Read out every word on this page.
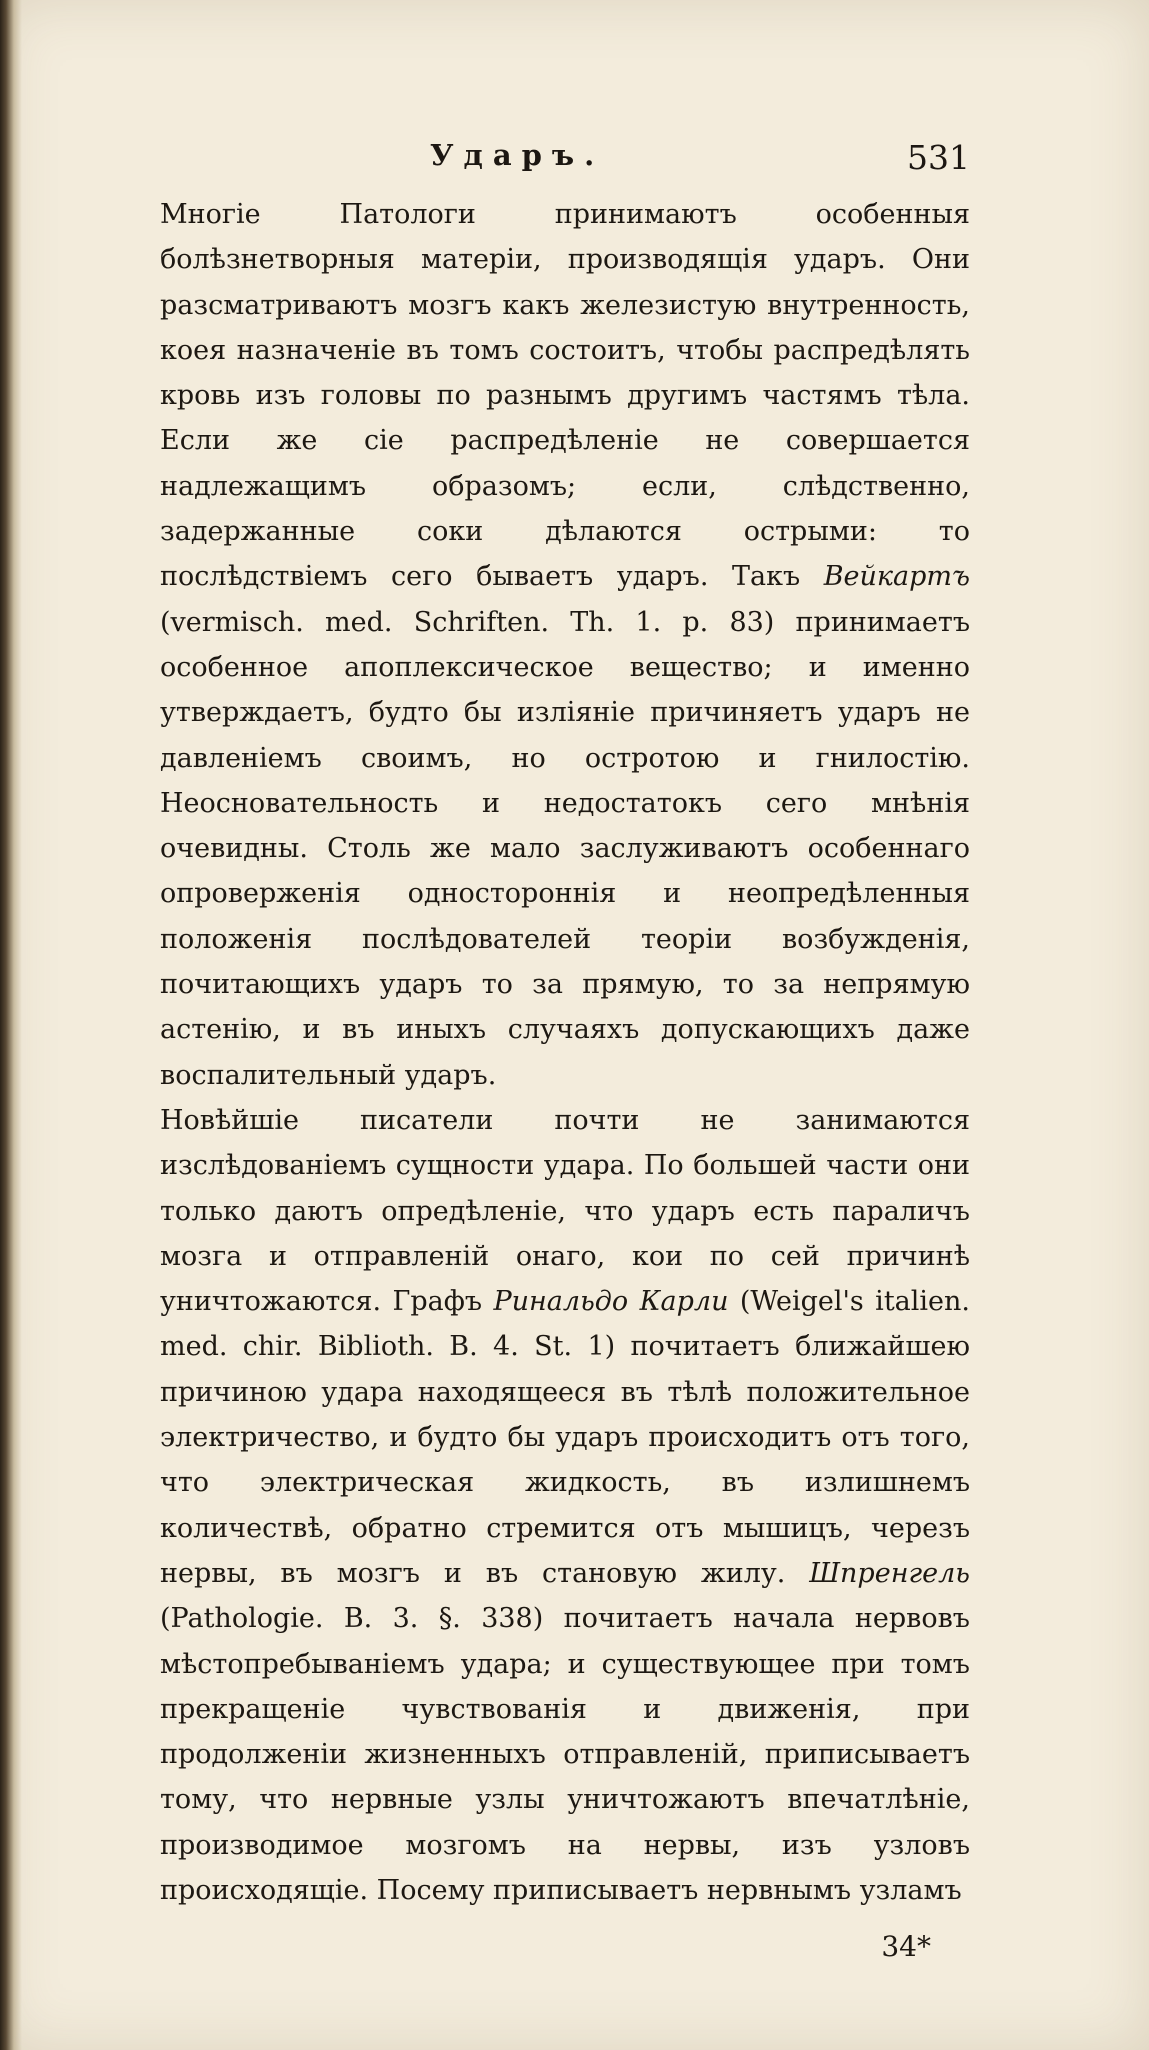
Ударъ.	531

Многіе Патологи принимаютъ особенныя болѣзнетворныя матеріи, производящія ударъ. Они разсматриваютъ мозгъ какъ железистую внутренность, коея назначеніе въ томъ состоитъ, чтобы распредѣлять кровь изъ головы по разнымъ другимъ частямъ тѣла. Если же сіе распредѣленіе не совершается надлежащимъ образомъ; если, слѣдственно, задержанные соки дѣлаются острыми: то послѣдствіемъ сего бываетъ ударъ. Такъ Вейкартъ (vermisch. med. Schriften. Th. 1. p. 83) принимаетъ особенное апоплексическое вещество; и именно утверждаетъ, будто бы изліяніе причиняетъ ударъ не давленіемъ своимъ, но остротою и гнилостію. Неосновательность и недостатокъ сего мнѣнія очевидны. Столь же мало заслуживаютъ особеннаго опроверженія одностороннія и неопредѣленныя положенія послѣдователей теоріи возбужденія, почитающихъ ударъ то за прямую, то за непрямую астенію, и въ иныхъ случаяхъ допускающихъ даже воспалительный ударъ.

Новѣйшіе писатели почти не занимаются изслѣдованіемъ сущности удара. По большей части они только даютъ опредѣленіе, что ударъ есть параличъ мозга и отправленій онаго, кои по сей причинѣ уничтожаются. Графъ Ринальдо Карли (Weigel's italien. med. chir. Biblioth. B. 4. St. 1) почитаетъ ближайшею причиною удара находящееся въ тѣлѣ положительное электричество, и будто бы ударъ происходитъ отъ того, что электрическая жидкость, въ излишнемъ количествѣ, обратно стремится отъ мышицъ, черезъ нервы, въ мозгъ и въ становую жилу. Шпренгель (Pathologie. B. 3. §. 338) почитаетъ начала нервовъ мѣстопребываніемъ удара; и существующее при томъ прекращеніе чувствованія и движенія, при продолженіи жизненныхъ отправленій, приписываетъ тому, что нервные узлы уничтожаютъ впечатлѣніе, производимое мозгомъ на нервы, изъ узловъ происходящіе. Посему приписываетъ нервнымъ узламъ

34*
